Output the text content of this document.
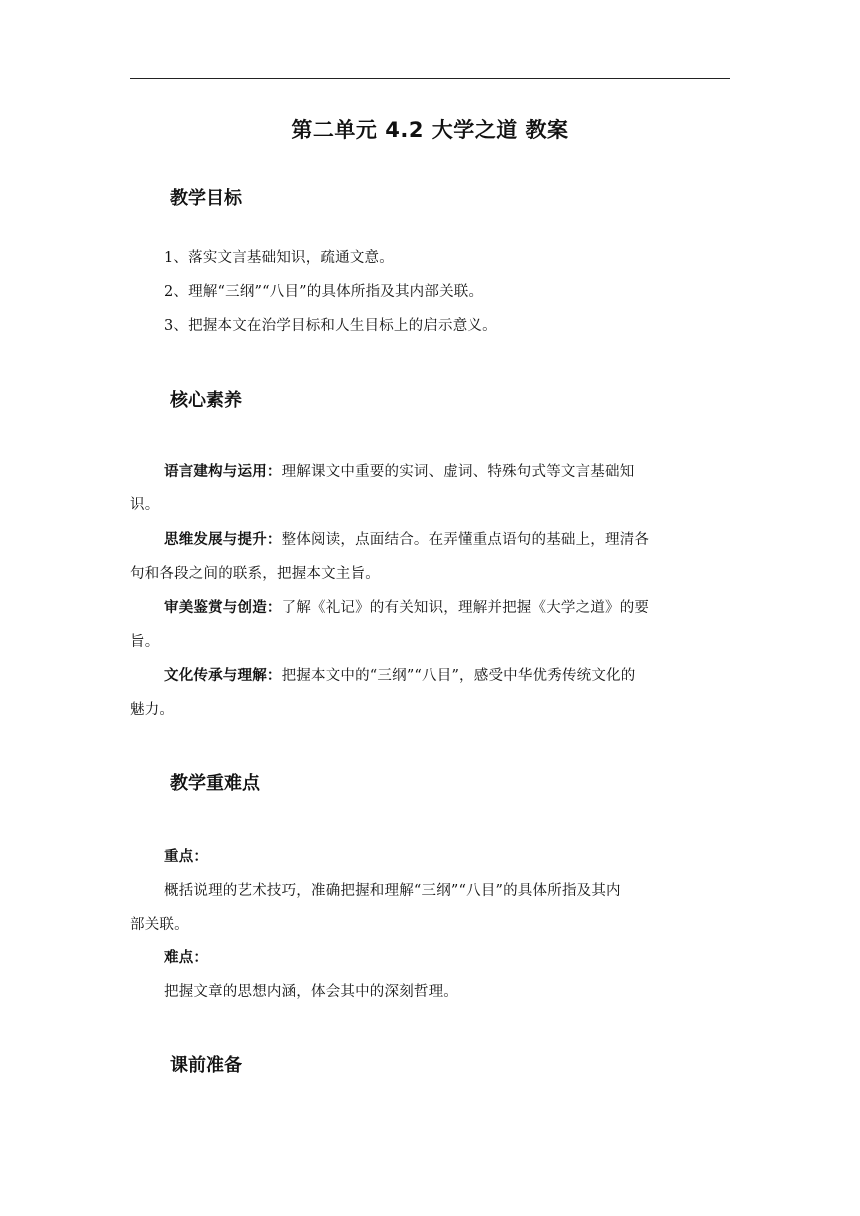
第二单元 4.2 大学之道 教案
教学目标
1、落实文言基础知识，疏通文意。
2、理解“三纲”“八目”的具体所指及其内部关联。
3、把握本文在治学目标和人生目标上的启示意义。
核心素养
语言建构与运用：理解课文中重要的实词、虚词、特殊句式等文言基础知
识。
思维发展与提升：整体阅读，点面结合。在弄懂重点语句的基础上，理清各
句和各段之间的联系，把握本文主旨。
审美鉴赏与创造：了解《礼记》的有关知识，理解并把握《大学之道》的要
旨。
文化传承与理解：把握本文中的“三纲”“八目”，感受中华优秀传统文化的
魅力。
教学重难点
重点：
概括说理的艺术技巧，准确把握和理解“三纲”“八目”的具体所指及其内
部关联。
难点：
把握文章的思想内涵，体会其中的深刻哲理。
课前准备
